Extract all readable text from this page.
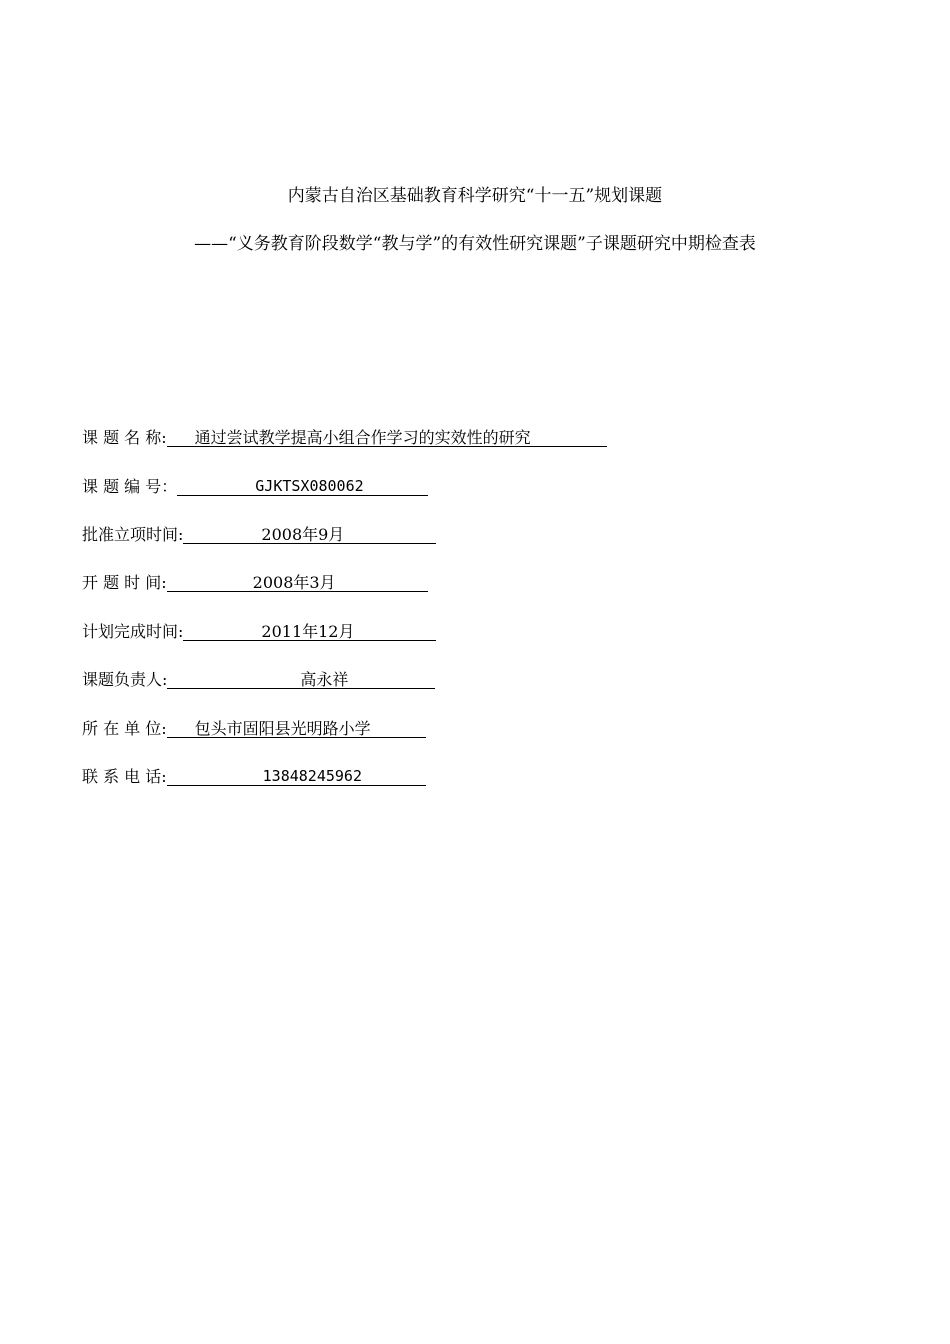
内蒙古自治区基础教育科学研究“十一五”规划课题
——“义务教育阶段数学“教与学”的有效性研究课题”子课题研究中期检查表
课 题 名 称: 通过尝试教学提高小组合作学习的实效性的研究
课 题 编 号：	GJKTSX080062
批准立项时间:	2008年9月
开 题 时 间:	2008年3月
计划完成时间:	2011年12月
课题负责人:	高永祥
所 在 单 位: 包头市固阳县光明路小学
联 系 电 话:	13848245962
